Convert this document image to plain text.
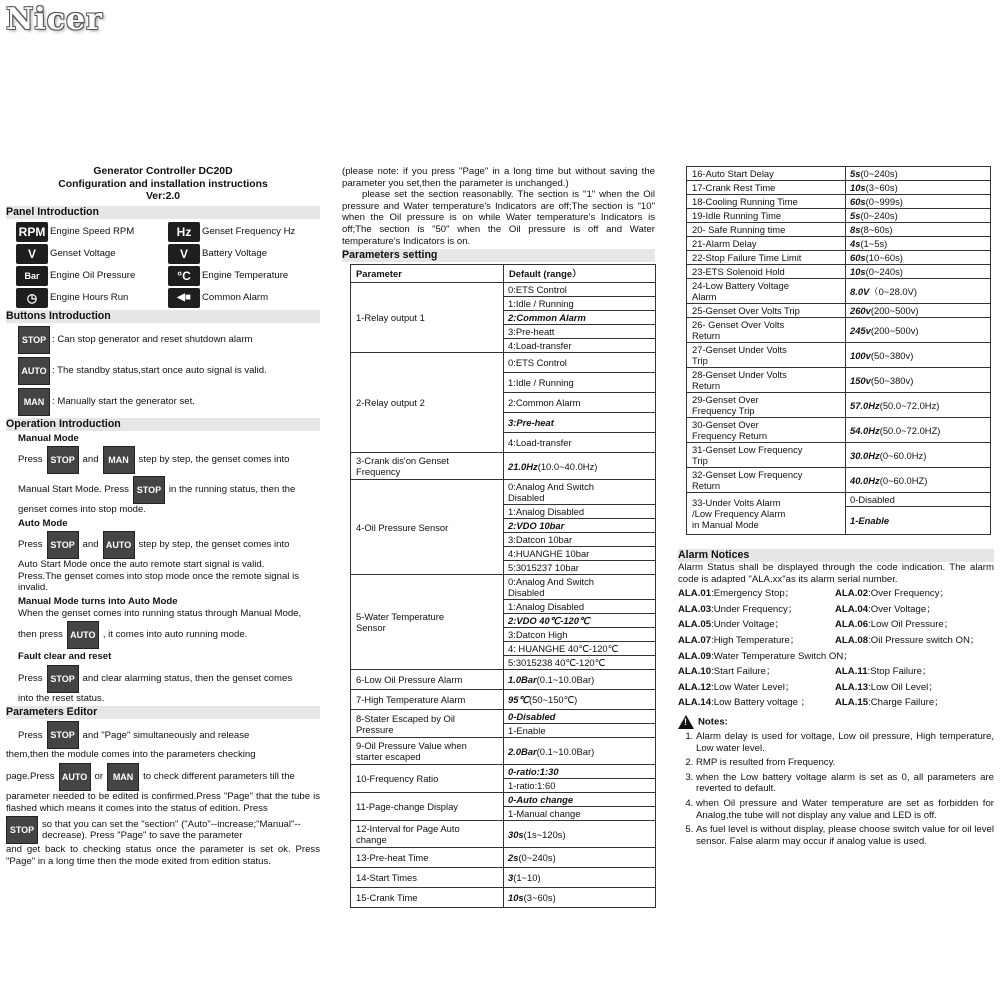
Nicer
Generator Controller DC20D
Configuration and installation instructions
Ver:2.0
Panel Introduction
RPM Engine Speed RPM	Hz	Genset Frequency Hz
V	Genset Voltage	V	Battery Voltage
Bar	Engine Oil Pressure	°C	Engine Temperature
◷	Engine Hours Run	◀■	Common Alarm
Buttons Introduction
STOP : Can stop generator and reset shutdown alarm
AUTO : The standby status,start once auto signal is valid.
MAN : Manually start the generator set.
Operation Introduction
Manual Mode
Press STOP and	MAN	step by step, the genset comes into
Manual Start Mode. Press STOP in the running status, then the
genset comes into stop mode.
Auto Mode
Press STOP and AUTO step by step, the genset comes into
Auto Start Mode once the auto remote start signal is valid.
Press.The genset comes into stop mode once the remote signal is invalid.
Manual Mode turns into Auto Mode
When the genset comes into running status through Manual Mode,
then press AUTO , it comes into auto running mode.
Fault clear and reset
Press STOP and clear alarming status, then the genset comes
into the reset status.
Parameters Editor
Press STOP and "Page" simultaneously and release
them,then the module comes into the parameters checking
page.Press AUTO or	MAN	to check different parameters till the
parameter needed to be edited is confirmed.Press "Page" that the tube is flashed which means it comes into the status of edition. Press
STOP
so that you can set the "section" ("Auto"--increase;"Manual"--decrease). Press "Page" to save the parameter
and get back to checking status once the parameter is set ok. Press "Page" in a long time then the mode exited from edition status.
(please note: if you press "Page" in a long time but without saving the parameter you set,then the parameter is unchanged.)
please set the section reasonablly. The section is "1" when the Oil pressure and Water temperature's Indicators are off;The section is "10" when the Oil pressure is on while Water temperature's Indicators is off;The section is "50" when the Oil pressure is off and Water temperature's Indicators is on.
Parameters setting
Parameter	Default (range）
1-Relay output 1	0:ETS Control
	1:Idle / Running
	2:Common Alarm
	3:Pre-heatt
	4:Load-transfer
2-Relay output 2	0:ETS Control
	1:Idle / Running
	2:Common Alarm
	3:Pre-heat
	4:Load-transfer
3-Crank dis'on Genset
Frequency	21.0Hz(10.0~40.0Hz)
4-Oil Pressure Sensor	0:Analog And Switch
Disabled
	1:Analog Disabled
	2:VDO 10bar
	3:Datcon 10bar
	4:HUANGHE 10bar
	5:3015237 10bar
5-Water Temperature
Sensor	0:Analog And Switch
Disabled
	1:Analog Disabled
	2:VDO 40℃-120℃
	3:Datcon High
	4: HUANGHE 40℃-120℃
	5:3015238 40℃-120℃
6-Low Oil Pressure Alarm	1.0Bar(0.1~10.0Bar)
7-High Temperature Alarm	95℃(50~150℃)
8-Stater Escaped by Oil
Pressure	0-Disabled
	1-Enable
9-Oil Pressure Value when
starter escaped	2.0Bar(0.1~10.0Bar)
10-Frequency Ratio	0-ratio:1:30
	1-ratio:1:60
11-Page-change Display	0-Auto change
	1-Manual change
12-Interval for Page Auto
change	30s(1s~120s)
13-Pre-heat Time	2s(0~240s)
14-Start Times	3(1~10)
15-Crank Time	10s(3~60s)
16-Auto Start Delay	5s(0~240s)
17-Crank Rest Time	10s(3~60s)
18-Cooling Running Time	60s(0~999s)
19-Idle Running Time	5s(0~240s)
20- Safe Running time	8s(8~60s)
21-Alarm Delay	4s(1~5s)
22-Stop Failure Time Limit	60s(10~60s)
23-ETS Solenoid Hold	10s(0~240s)
24-Low Battery Voltage
Alarm	8.0V（0~28.0V)
25-Genset Over Volts Trip	260v(200~500v)
26- Genset Over Volts
Return	245v(200~500v)
27-Genset Under Volts
Trip	100v(50~380v)
28-Genset Under Volts
Return	150v(50~380v)
29-Genset Over
Frequency Trip	57.0Hz(50.0~72.0Hz)
30-Genset Over
Frequency Return	54.0Hz(50.0~72.0HZ)
31-Genset Low Frequency
Trip	30.0Hz(0~60.0Hz)
32-Genset Low Frequency
Return	40.0Hz(0~60.0HZ)
33-Under Volts Alarm
/Low Frequency Alarm
in Manual Mode	0-Disabled
	1-Enable
Alarm Notices
Alarm Status shall be displayed through the code indication. The alarm code is adapted "ALA.xx"as its alarm serial number.
ALA.01:Emergency Stop；	ALA.02:Over Frequency；
ALA.03:Under Frequency；	ALA.04:Over Voltage；
ALA.05:Under Voltage；	ALA.06:Low Oil Pressure；
ALA.07:High Temperature；	ALA.08:Oil Pressure switch ON；
ALA.09:Water Temperature Switch ON；
ALA.10:Start Failure；	ALA.11:Stop Failure；
ALA.12:Low Water Level；	ALA.13:Low Oil Level；
ALA.14:Low Battery voltage ；	ALA.15:Charge Failure；
!Notes:
1. Alarm delay is used for voltage, Low oil pressure, High temperature, Low water level.
2. RMP is resulted from Frequency.
3. when the Low battery voltage alarm is set as 0, all parameters are reverted to default.
4. when Oil pressure and Water temperature are set as forbidden for Analog,the tube will not display any value and LED is off.
5. As fuel level is without display, please choose switch value for oil level sensor. False alarm may occur if analog value is used.
